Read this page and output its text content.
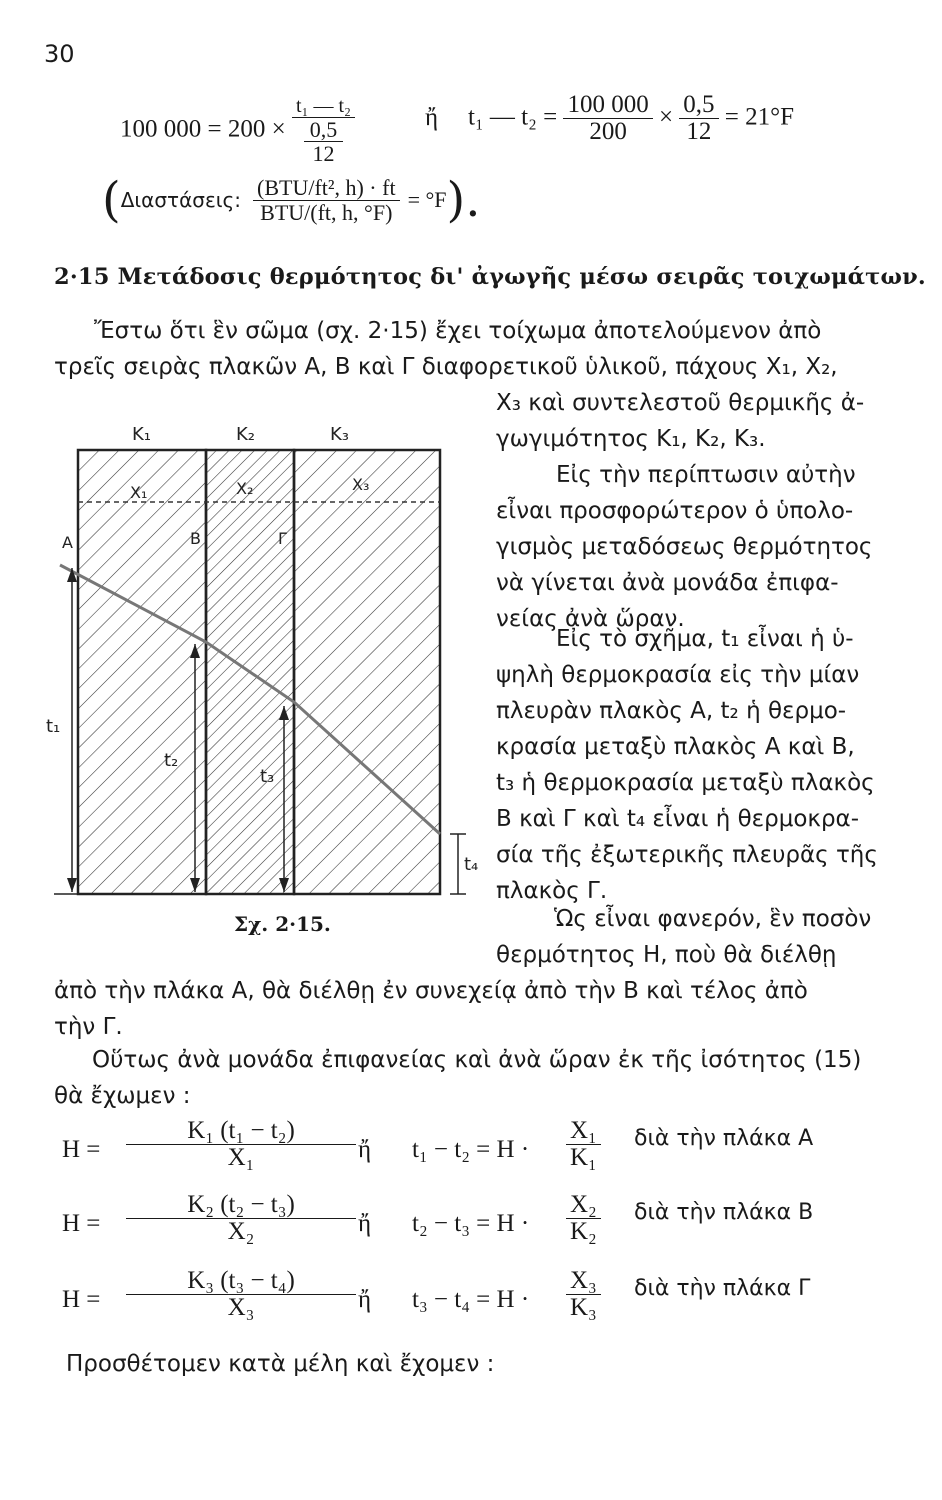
30
100 $000 = 200 \times \frac{\text{t₁ — t₂}}{\frac{0,5}{12}}$	ἤ t₁ — $t_2 = \frac{100 000}{200} \times \frac{0,5}{12} = 21^\circ F$
( Διαστάσεις: $\frac{\text{(BTU/ft², h) · ft}}{\text{BTU/(ft, h, °F)}} = ^\circ F$ ).
2·15 Μετάδοσις θερμότητος δι' ἀγωγῆς μέσω σειρᾶς τοιχωμάτων.
Ἔστω ὅτι ἓν σῶμα (σχ. 2·15) ἔχει τοίχωμα ἀποτελούμενον ἀπὸ
τρεῖς σειρὰς πλακῶν Α, Β καὶ Γ διαφορετικοῦ ὑλικοῦ, πάχους X₁, X₂,
X₃ καὶ συντελεστοῦ θερμικῆς ἀ-
γωγιμότητος K₁, K₂, K₃.

Εἰς τὴν περίπτωσιν αὐτὴν

εἶναι προσφορώτερον ὁ ὑπολο-

γισμὸς μεταδόσεως θερμότητος

νὰ γίνεται ἀνὰ μονάδα ἐπιφα-

νείας ἀνὰ ὥραν.

Εἰς τὸ σχῆμα, t₁ εἶναι ἡ ὑ-

ψηλὴ θερμοκρασία εἰς τὴν μίαν

πλευρὰν πλακὸς Α, t₂ ἡ θερμο-

κρασία μεταξὺ πλακὸς Α καὶ Β,

t₃ ἡ θερμοκρασία μεταξὺ πλακὸς

Β καὶ Γ καὶ t₄ εἶναι ἡ θερμοκρα-

σία τῆς ἐξωτερικῆς πλευρᾶς τῆς

πλακὸς Γ.

Ὡς εἶναι φανερόν, ἓν ποσὸν
θερμότητος Η, ποὺ θὰ διέλθῃ
ἀπὸ τὴν πλάκα Α, θὰ διέλθῃ ἐν συνεχείᾳ ἀπὸ τὴν Β καὶ τέλος ἀπὸ
τὴν Γ.
Οὕτως ἀνὰ μονάδα ἐπιφανείας καὶ ἀνὰ ὥραν ἐκ τῆς ἰσότητος (15)
θὰ ἔχωμεν :
K₁	K₂	K₃
X₁	X₂	X₃
A	B	Γ
t₁
t₂
t₃
t₄
Σχ. 2·15.
$H = \frac{\text{K₁ (t₁ − t₂)}}{\text{X₁}}$ ἤ $t_1 - t_2 = H \cdot \frac{\text{X₁}}{\text{K₁}}$ διὰ τὴν πλάκα A
$H = \frac{\text{K₂ (t₂ − t₃)}}{\text{X₂}}$ ἤ $t_2 - t_3 = H \cdot \frac{\text{X₂}}{\text{K₂}}$ διὰ τὴν πλάκα B
$H = \frac{\text{K₃ (t₃ − t₄)}}{\text{X₃}}$ ἤ $t_3 - t_4 = H \cdot \frac{\text{X₃}}{\text{K₃}}$ διὰ τὴν πλάκα Γ
Προσθέτομεν κατὰ μέλη καὶ ἔχομεν :
